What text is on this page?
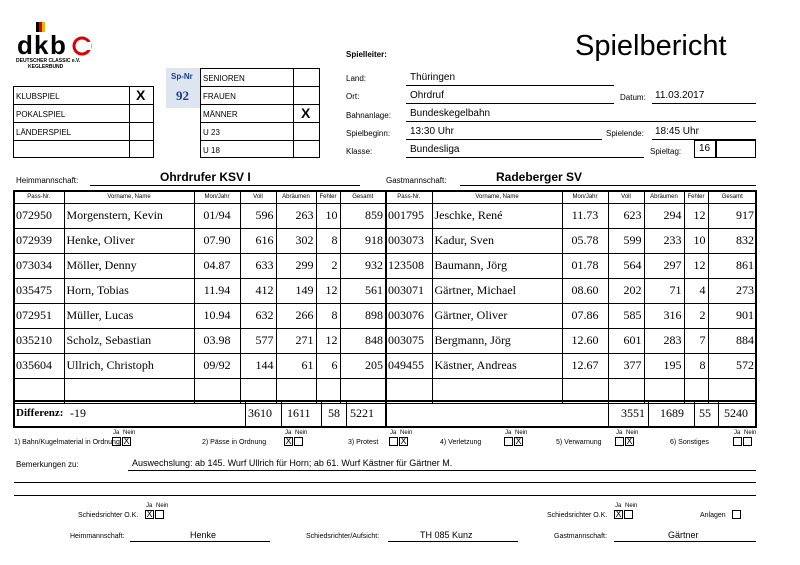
d k b
DEUTSCHER CLASSIC e.V.
KEGLERBUND
Spielbericht
Spielleiter:
KLUBSPIEL	X
POKALSPIEL
LÄNDERSPIEL
Sp-Nr
92
SENIOREN
FRAUEN
MÄNNER	X
U 23
U 18
Land:	Thüringen
Ort:	Ohrdruf	Datum: 11.03.2017
Bahnanlage: Bundeskegelbahn
Spielbeginn: 13:30 Uhr	Spielende: 18:45 Uhr
Klasse:	Bundesliga	Spieltag: 16
Heimmannschaft:	Ohrdrufer KSV I	Gastmannschaft:	Radeberger SV
Pass-Nr.	Vorname, Name	Mon/Jahr	Voll	Abräumen	Fehler	Gesamt
072950	Morgenstern, Kevin	01/94	596	263	10	859
072939	Henke, Oliver	07.90	616	302	8	918
073034	Möller, Denny	04.87	633	299	2	932
035475	Horn, Tobias	11.94	412	149	12	561
072951	Müller, Lucas	10.94	632	266	8	898
035210	Scholz, Sebastian	03.98	577	271	12	848
035604	Ullrich, Christoph	09/92	144	61	6	205

Pass-Nr.	Vorname, Name	Mon/Jahr	Voll	Abräumen	Fehler	Gesamt
001795	Jeschke, René	11.73	623	294	12	917
003073	Kadur, Sven	05.78	599	233	10	832
123508	Baumann, Jörg	01.78	564	297	12	861
003071	Gärtner, Michael	08.60	202	71	4	273
003076	Gärtner, Oliver	07.86	585	316	2	901
003075	Bergmann, Jörg	12.60	601	283	7	884
049455	Kästner, Andreas	12.67	377	195	8	572

Differenz: -19	3610 1611 58 5221	3551 1689 55 5240
1) Bahn/Kugelmaterial in Ordnung
Ja Nein
X	2) Pässe in Ordnung
Ja
X
Nein
3) Protest
Ja Nein
X	4) Verletzung
Ja Nein
X	5) Verwarnung
Ja Nein
X	6) Sonstiges
Ja Nein
Bemerkungen zu:	Auswechslung: ab 145. Wurf Ullrich für Horn; ab 61. Wurf Kästner für Gärtner M.
Ja Nein
Schiedsrichter O.K. X
Ja Nein
Schiedsrichter O.K. X	Anlagen
Heimmannschaft:	Henke	Schiedsrichter/Aufsicht:	TH 085 Kunz	Gastmannschaft:	Gärtner
